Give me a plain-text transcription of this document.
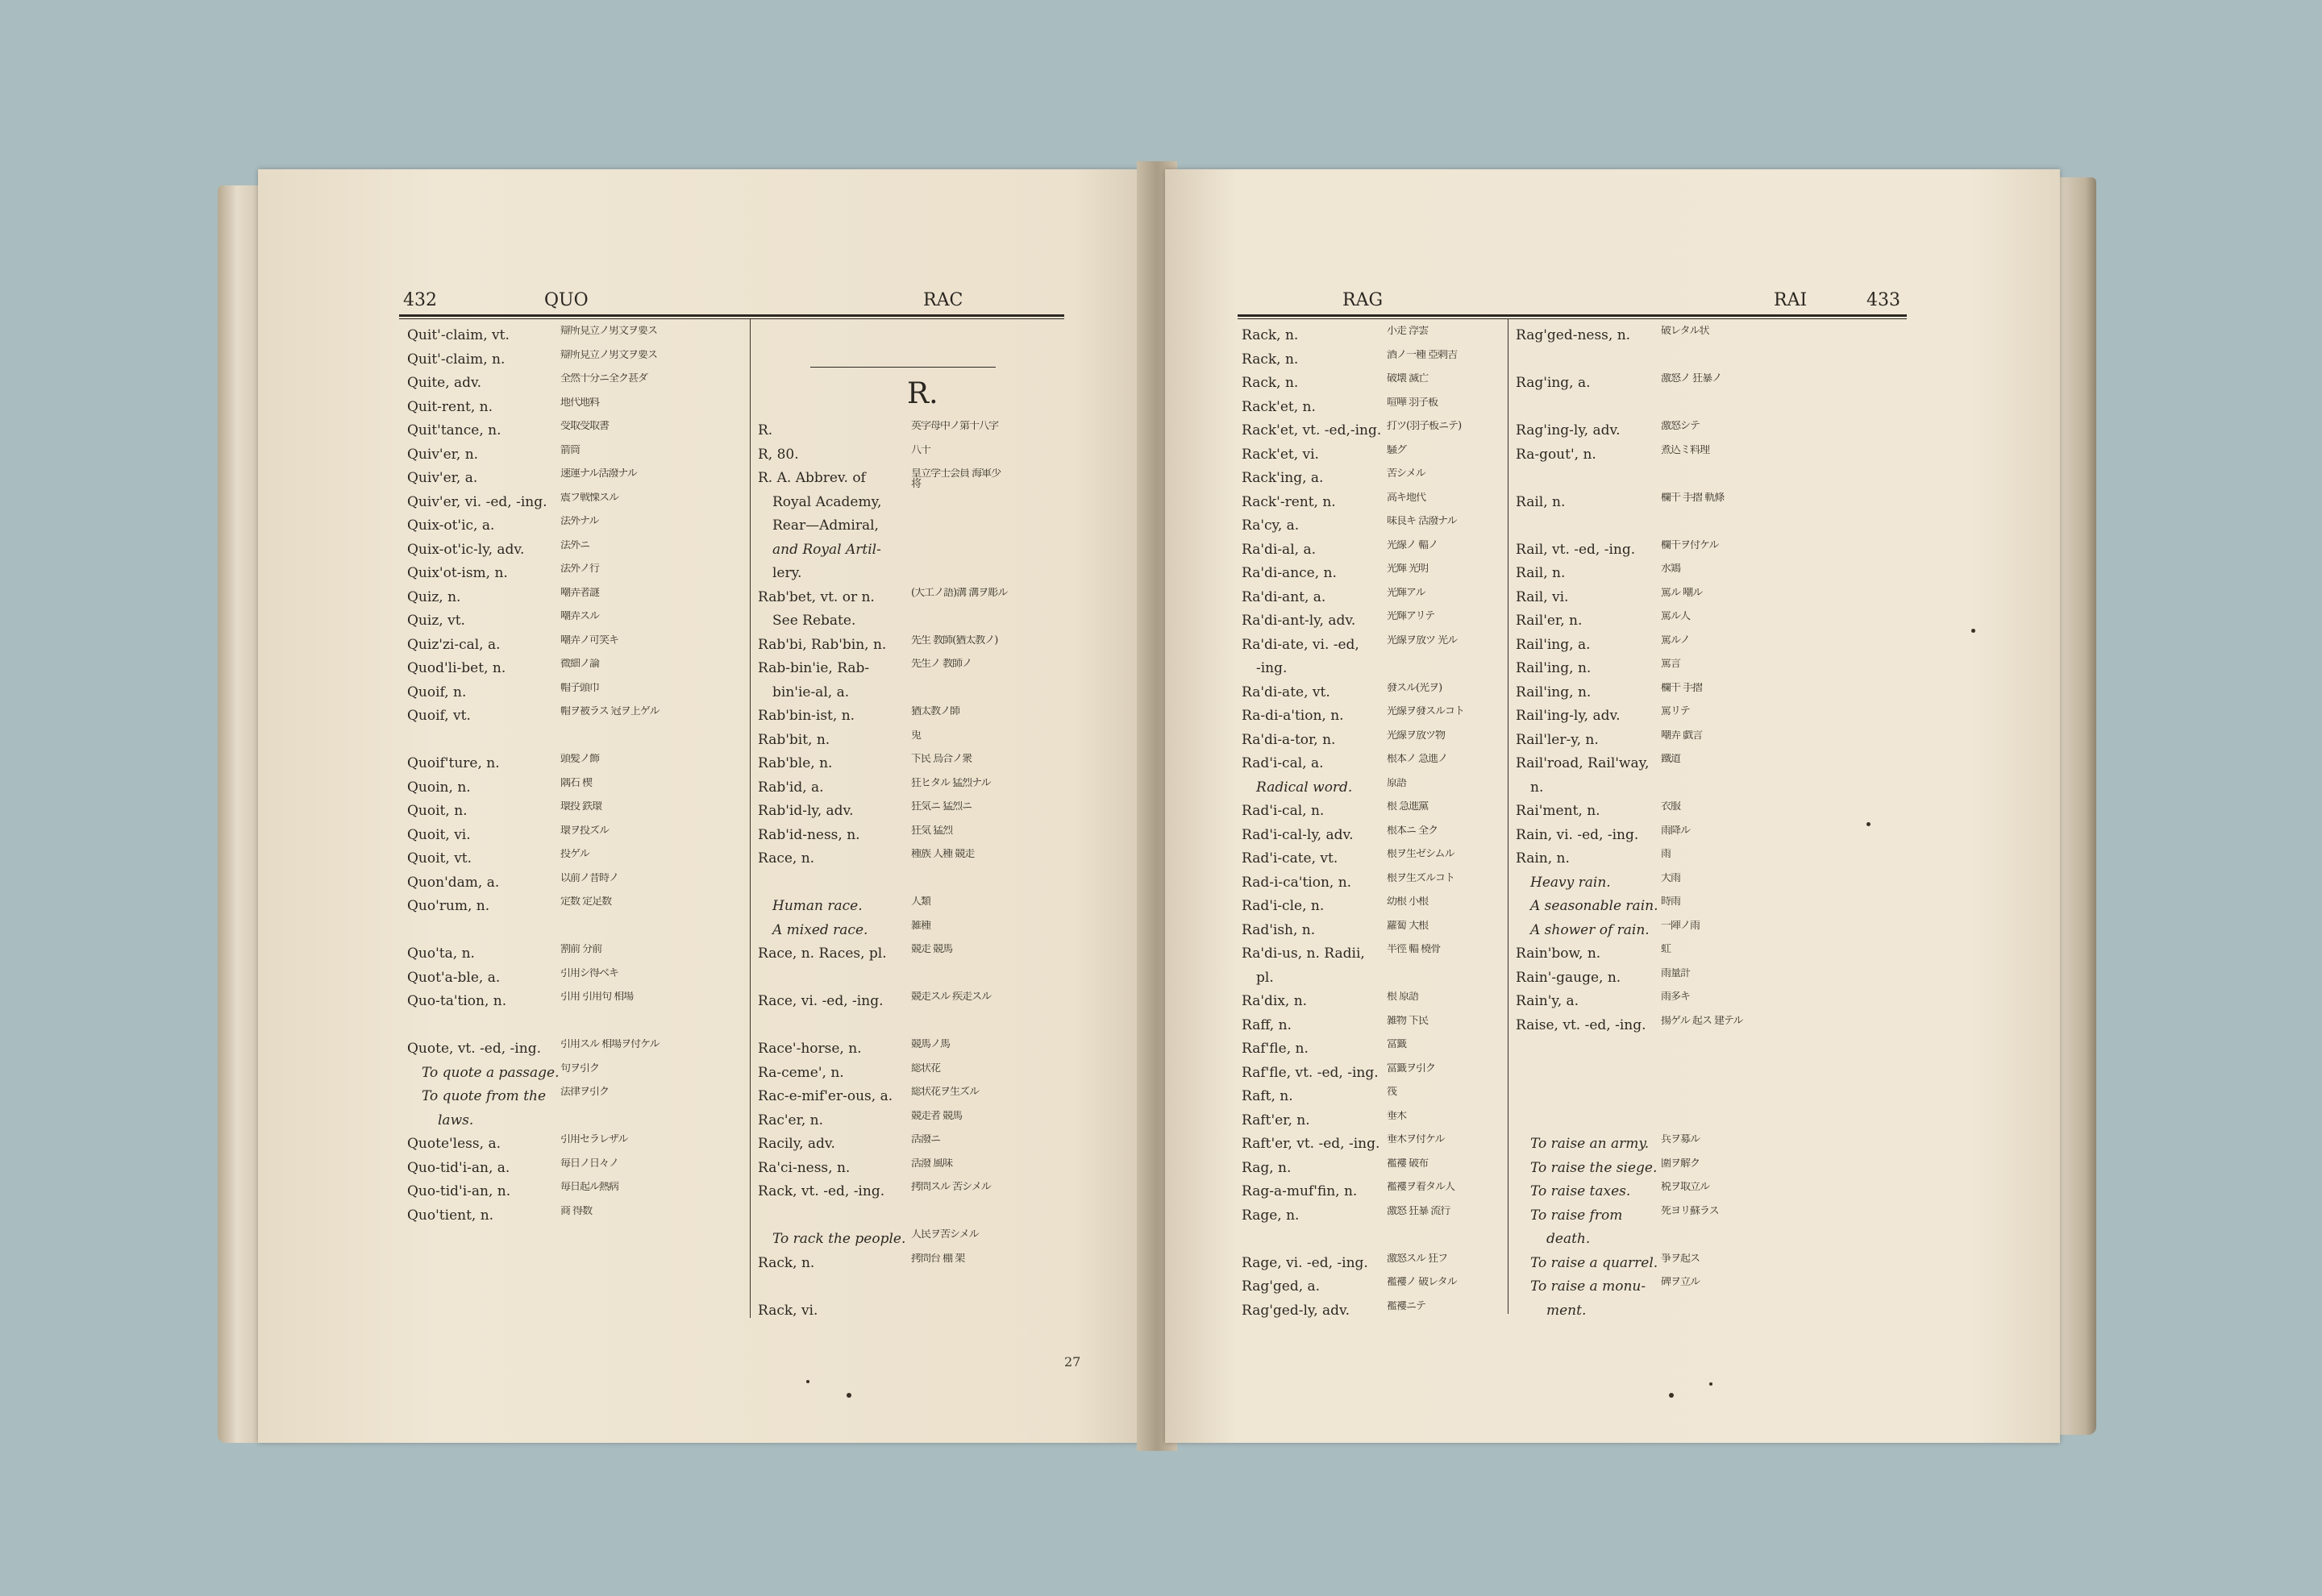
432	QUO	RAC
Quit'-claim, vt.	辯所見立ノ男文ヲ要ス
Quit'-claim, n.	辯所見立ノ男文ヲ要ス
Quite, adv.	全然十分ニ全ク甚ダ
Quit-rent, n.	地代地料
Quit'tance, n.	受取受取書
Quiv'er, n.	箭筒
Quiv'er, a.	速運ナル活潑ナル
Quiv'er, vi. -ed, -ing. 震フ戦慄スル
Quix-ot'ic, a.	法外ナル
Quix-ot'ic-ly, adv.	法外ニ
Quix'ot-ism, n.	法外ノ行
Quiz, n.	嘲弄者謎
Quiz, vt.	嘲弄スル
Quiz'zi-cal, a.	嘲弄ノ可笑キ
Quod'li-bet, n.	微細ノ論
Quoif, n.	帽子頭巾
Quoif, vt.	帽ヲ被ラス 冠ヲ上ゲル
Quoif'ture, n.	頭髪ノ飾
Quoin, n.	隅石 楔
Quoit, n.	環投 鉄環
Quoit, vi.	環ヲ投ズル
Quoit, vt.	投ゲル
Quon'dam, a.	以前ノ昔時ノ
Quo'rum, n.	定数 定足数
Quo'ta, n.	割前 分前
Quot'a-ble, a.	引用シ得ベキ
Quo-ta'tion, n.	引用 引用句 相場
Quote, vt. -ed, -ing. 引用スル 相場ヲ付ケル
To quote a passage. 句ヲ引ク
To quote from the 法律ヲ引ク
laws.
Quote'less, a.	引用セラレザル
Quo-tid'i-an, a.	毎日ノ日々ノ
Quo-tid'i-an, n.	毎日起ル熱病
Quo'tient, n.	商 得数
R.
R.	英字母中ノ第十八字
R, 80.	八十
R. A. Abbrev. of	皇立学士会員 海軍少将
Royal Academy,
Rear—Admiral,
and Royal Artil-
lery.
Rab'bet, vt. or n.	(大工ノ語)溝 溝ヲ彫ル
See Rebate.
Rab'bi, Rab'bin, n. 先生 教師(猶太教ノ)
Rab-bin'ie, Rab-	先生ノ 教師ノ
bin'ie-al, a.
Rab'bin-ist, n.	猶太教ノ師
Rab'bit, n.	兎
Rab'ble, n.	下民 烏合ノ衆
Rab'id, a.	狂ヒタル 猛烈ナル
Rab'id-ly, adv.	狂気ニ 猛烈ニ
Rab'id-ness, n.	狂気 猛烈
Race, n.	種族 人種 競走
Human race.	人類
A mixed race.	雑種
Race, n. Races, pl. 競走 競馬
Race, vi. -ed, -ing.	競走スル 疾走スル
Race'-horse, n.	競馬ノ馬
Ra-ceme', n.	総状花
Rac-e-mif'er-ous, a. 総状花ヲ生ズル
Rac'er, n.	競走者 競馬
Racily, adv.	活潑ニ
Ra'ci-ness, n.	活潑 風味
Rack, vt. -ed, -ing.	拷問スル 苦シメル
To rack the people. 人民ヲ苦シメル
Rack, n.	拷問台 棚 架
Rack, vi.
27
RAG	RAI	433
Rack, n.	小走 浮雲
Rack, n.	酒ノ一種 亞剌吉
Rack, n.	破壊 滅亡
Rack'et, n.	喧嘩 羽子板
Rack'et, vt. -ed,-ing. 打ツ(羽子板ニテ)
Rack'et, vi.	騒グ
Rack'ing, a.	苦シメル
Rack'-rent, n.	高キ地代
Ra'cy, a.	味良キ 活潑ナル
Ra'di-al, a.	光線ノ 輻ノ
Ra'di-ance, n.	光輝 光明
Ra'di-ant, a.	光輝アル
Ra'di-ant-ly, adv.	光輝アリテ
Ra'di-ate, vi. -ed,	光線ヲ放ツ 光ル
-ing.
Ra'di-ate, vt.	發スル(光ヲ)
Ra-di-a'tion, n.	光線ヲ發スルコト
Ra'di-a-tor, n.	光線ヲ放ツ物
Rad'i-cal, a.	根本ノ 急進ノ
Radical word.	原語
Rad'i-cal, n.	根 急進黨
Rad'i-cal-ly, adv.	根本ニ 全ク
Rad'i-cate, vt.	根ヲ生ゼシムル
Rad-i-ca'tion, n.	根ヲ生ズルコト
Rad'i-cle, n.	幼根 小根
Rad'ish, n.	蘿蔔 大根
Ra'di-us, n. Radii, 半徑 輻 橈骨
pl.
Ra'dix, n.	根 原語
Raff, n.	雑物 下民
Raf'fle, n.	富籤
Raf'fle, vt. -ed, -ing. 富籤ヲ引ク
Raft, n.	筏
Raft'er, n.	垂木
Raft'er, vt. -ed, -ing. 垂木ヲ付ケル
Rag, n.	襤褸 破布
Rag-a-muf'fin, n.	襤褸ヲ着タル人
Rage, n.	激怒 狂暴 流行
Rage, vi. -ed, -ing. 激怒スル 狂フ
Rag'ged, a.	襤褸ノ 破レタル
Rag'ged-ly, adv.	襤褸ニテ
Rag'ged-ness, n.	破レタル状
Rag'ing, a.	激怒ノ 狂暴ノ
Rag'ing-ly, adv.	激怒シテ
Ra-gout', n.	煮込ミ料理
Rail, n.	欄干 手摺 軌條
Rail, vt. -ed, -ing. 欄干ヲ付ケル
Rail, n.	水鶏
Rail, vi.	罵ル 嘲ル
Rail'er, n.	罵ル人
Rail'ing, a.	罵ルノ
Rail'ing, n.	罵言
Rail'ing, n.	欄干 手摺
Rail'ing-ly, adv.	罵リテ
Rail'ler-y, n.	嘲弄 戯言
Rail'road, Rail'way, 鐵道
n.
Rai'ment, n.	衣服
Rain, vi. -ed, -ing. 雨降ル
Rain, n.	雨
Heavy rain.	大雨
A seasonable rain. 時雨
A shower of rain. 一陣ノ雨
Rain'bow, n.	虹
Rain'-gauge, n.	雨量計
Rain'y, a.	雨多キ
Raise, vt. -ed, -ing. 揚ゲル 起ス 建テル
To raise an army. 兵ヲ募ル
To raise the siege. 圍ヲ解ク
To raise taxes.	税ヲ取立ル
To raise from	死ヨリ蘇ラス
death.
To raise a quarrel. 爭ヲ起ス
To raise a monu- 碑ヲ立ル
ment.
